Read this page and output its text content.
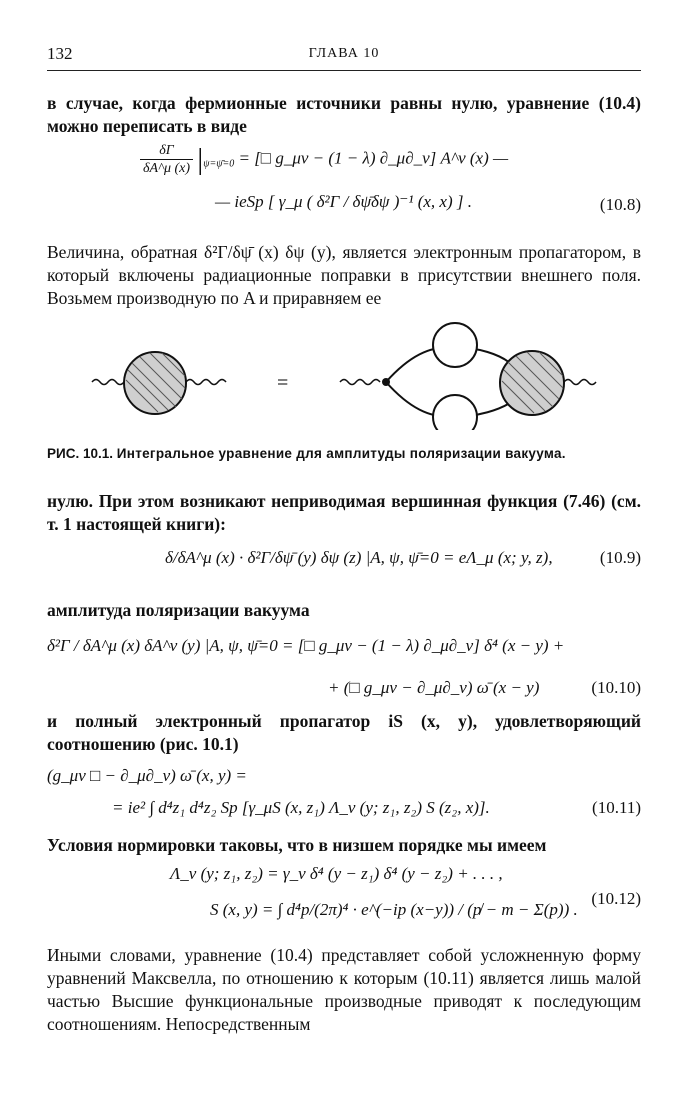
132	ГЛАВА 10
в случае, когда фермионные источники равны нулю, уравнение (10.4) можно переписать в виде
$\frac{\delta\Gamma}{\delta A\^{}\mu (x)} |_{\psi=\psī=0}$ = [□ g_μν − (1 − λ) ∂_μ∂_ν] A^ν (x) —
— ieSp [ γ_μ ( δ²Γ / δψ̄δψ )⁻¹ (x, x) ] .	(10.8)
Величина, обратная δ²Γ/δψ̄ (x) δψ (y), является электронным пропагатором, в который включены радиационные поправки в присутствии внешнего поля. Возьмем производную по A и приравняем ее
=
РИС. 10.1. Интегральное уравнение для амплитуды поляризации вакуума.
нулю. При этом возникают неприводимая вершинная функция (7.46) (см. т. 1 настоящей книги):
δ/δA^μ (x) · δ²Γ/δψ̄ (y) δψ (z) |A, ψ, ψ̄=0 = eΛ_μ (x; y, z),	(10.9)
амплитуда поляризации вакуума
δ²Γ / δA^μ (x) δA^ν (y) |A, ψ, ψ̄=0 = [□ g_μν − (1 − λ) ∂_μ∂_ν] δ⁴ (x − y) +
+ (□ g_μν − ∂_μ∂_ν) ω̄ (x − y)	(10.10)
и полный электронный пропагатор iS (x, y), удовлетворяющий соотношению (рис. 10.1)
(g_μν □ − ∂_μ∂_ν) ω̄ (x, y) =
= ie² ∫ d⁴z₁ d⁴z₂ Sp [γ_μS (x, z₁) Λ_ν (y; z₁, z₂) S (z₂, x)].	(10.11)
Условия нормировки таковы, что в низшем порядке мы имеем
Λ_ν (y; z₁, z₂) = γ_ν δ⁴ (y − z₁) δ⁴ (y − z₂) + . . . ,
S (x, y) = ∫ d⁴p/(2π)⁴ · e^(−ip (x−y)) / (p̸ − m − Σ(p)) .
(10.12)
Иными словами, уравнение (10.4) представляет собой усложненную форму уравнений Максвелла, по отношению к которым (10.11) является лишь малой частью Высшие функциональные производные приводят к последующим соотношениям. Непосредственным
